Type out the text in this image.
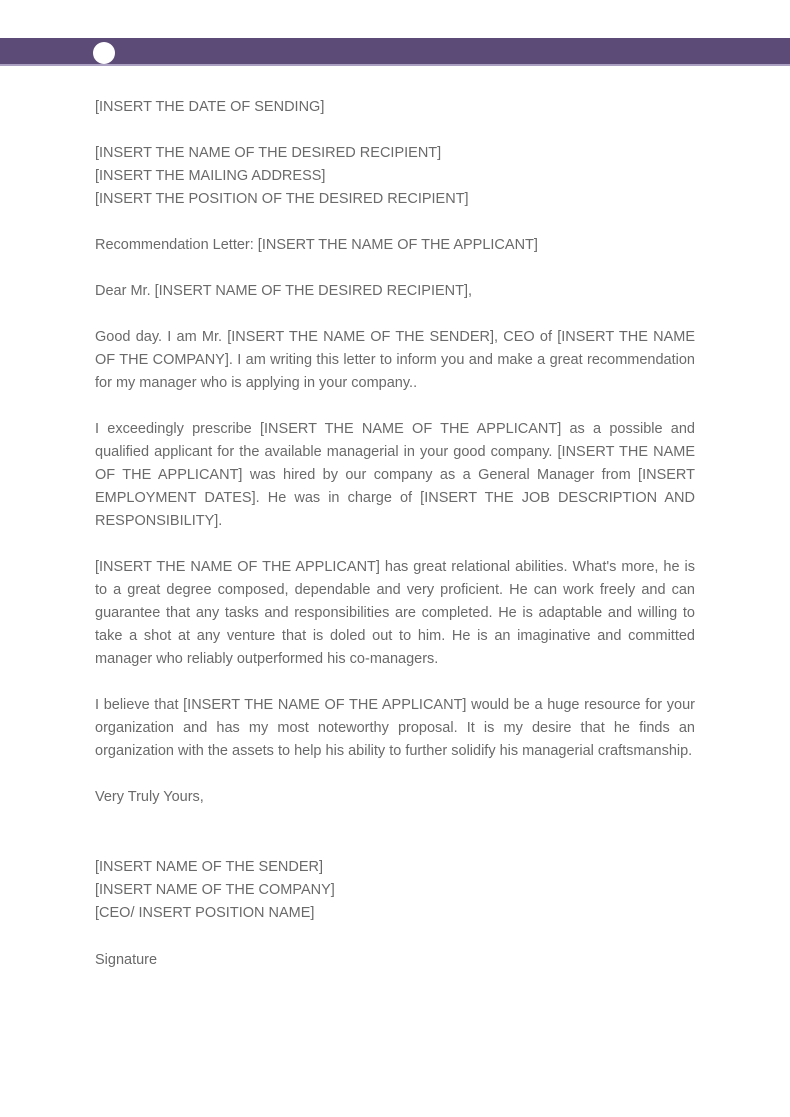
[INSERT THE DATE OF SENDING]

[INSERT THE NAME OF THE DESIRED RECIPIENT]

[INSERT THE MAILING ADDRESS]

[INSERT THE POSITION OF THE DESIRED RECIPIENT]

Recommendation Letter: [INSERT THE NAME OF THE APPLICANT]

Dear Mr. [INSERT NAME OF THE DESIRED RECIPIENT],

Good day. I am Mr. [INSERT THE NAME OF THE SENDER], CEO of [INSERT THE NAME OF THE COMPANY]. I am writing this letter to inform you and make a great recommendation for my manager who is applying in your company..

I exceedingly prescribe [INSERT THE NAME OF THE APPLICANT] as a possible and qualified applicant for the available managerial in your good company. [INSERT THE NAME OF THE APPLICANT] was hired by our company as a General Manager from [INSERT EMPLOYMENT DATES]. He was in charge of [INSERT THE JOB DESCRIPTION AND RESPONSIBILITY].

[INSERT THE NAME OF THE APPLICANT] has great relational abilities. What's more, he is to a great degree composed, dependable and very proficient. He can work freely and can guarantee that any tasks and responsibilities are completed. He is adaptable and willing to take a shot at any venture that is doled out to him. He is an imaginative and committed manager who reliably outperformed his co-managers.

I believe that [INSERT THE NAME OF THE APPLICANT] would be a huge resource for your organization and has my most noteworthy proposal. It is my desire that he finds an organization with the assets to help his ability to further solidify his managerial craftsmanship.

Very Truly Yours,

[INSERT NAME OF THE SENDER]

[INSERT NAME OF THE COMPANY]

[CEO/ INSERT POSITION NAME]

Signature
